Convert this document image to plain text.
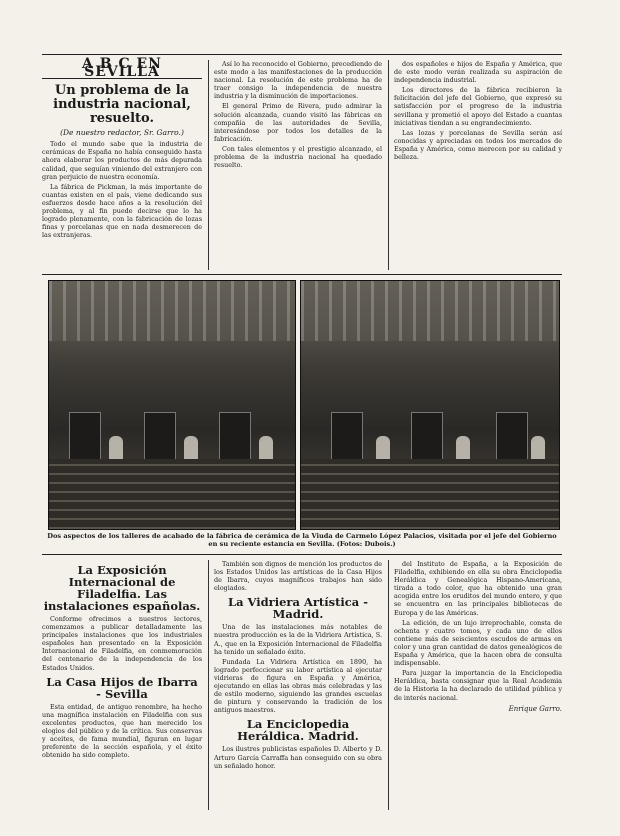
A B C EN SEVILLA
Un problema de la industria nacional, resuelto.
(De nuestro redactor, Sr. Garro.)

Todo el mundo sabe que la industria de cerámicas de España no había conseguido hasta ahora elaborar los productos de más depurada calidad, que seguían viniendo del extranjero con gran perjuicio de nuestra economía.

La fábrica de Pickman, la más importante de cuantas existen en el país, viene dedicando sus esfuerzos desde hace años a la resolución del problema, y al fin puede decirse que lo ha logrado plenamente, con la fabricación de lozas finas y porcelanas que en nada desmerecen de las extranjeras.

Así lo ha reconocido el Gobierno, precediendo de este modo a las manifestaciones de la producción nacional. La resolución de este problema ha de traer consigo la independencia de nuestra industria y la disminución de importaciones.

El general Primo de Rivera, pudo admirar la solución alcanzada, cuando visitó las fábricas en compañía de las autoridades de Sevilla, interesándose por todos los detalles de la fabricación.

Con tales elementos y el prestigio alcanzado, el problema de la industria nacional ha quedado resuelto.

dos españoles e hijos de España y América, que de este modo verán realizada su aspiración de independencia industrial.

Los directores de la fábrica recibieron la felicitación del jefe del Gobierno, que expresó su satisfacción por el progreso de la industria sevillana y prometió el apoyo del Estado a cuantas iniciativas tiendan a su engrandecimiento.

Las lozas y porcelanas de Sevilla serán así conocidas y apreciadas en todos los mercados de España y América, como merecen por su calidad y belleza.

Dos aspectos de los talleres de acabado de la fábrica de cerámica de la Viuda de Carmelo López Palacios, visitada por el jefe del Gobierno en su reciente estancia en Sevilla. (Fotos: Dubois.)
La Exposición Internacional de Filadelfia. Las instalaciones españolas.

Conforme ofrecimos a nuestros lectores, comenzamos a publicar detalladamente las principales instalaciones que los industriales españoles han presentado en la Exposición Internacional de Filadelfia, en conmemoración del centenario de la independencia de los Estados Unidos.

La Casa Hijos de Ibarra - Sevilla

Esta entidad, de antiguo renombre, ha hecho una magnífica instalación en Filadelfia con sus excelentes productos, que han merecido los elogios del público y de la crítica. Sus conservas y aceites, de fama mundial, figuran en lugar preferente de la sección española, y el éxito obtenido ha sido completo.

También son dignos de mención los productos de los Estados Unidos las artísticas de la Casa Hijos de Ibarra, cuyos magníficos trabajos han sido elogiados.

La Vidriera Artística - Madrid.

Una de las instalaciones más notables de nuestra producción es la de la Vidriera Artística, S. A., que en la Exposición Internacional de Filadelfia ha tenido un señalado éxito.

Fundada La Vidriera Artística en 1890, ha logrado perfeccionar su labor artística al ejecutar vidrieras de figura en España y América, ejecutando en ellas las obras más celebradas y las de estilo moderno, siguiendo las grandes escuelas de pintura y conservando la tradición de los antiguos maestros.

La Enciclopedia Heráldica. Madrid.

Los ilustres publicistas españoles D. Alberto y D. Arturo García Carraffa han conseguido con su obra un señalado honor.

del Instituto de España, a la Exposición de Filadelfia, exhibiendo en ella su obra Enciclopedia Heráldica y Genealógica Hispano-Americana, tirada a todo color, que ha obtenido una gran acogida entre los eruditos del mundo entero, y que se encuentra en las principales bibliotecas de Europa y de las Américas.

La edición, de un lujo irreprochable, consta de ochenta y cuatro tomos, y cada uno de ellos contiene más de seiscientos escudos de armas en color y una gran cantidad de datos genealógicos de España y América, que la hacen obra de consulta indispensable.

Para juzgar la importancia de la Enciclopedia Heráldica, basta consignar que la Real Academia de la Historia la ha declarado de utilidad pública y de interés nacional.

Enrique Garro.
